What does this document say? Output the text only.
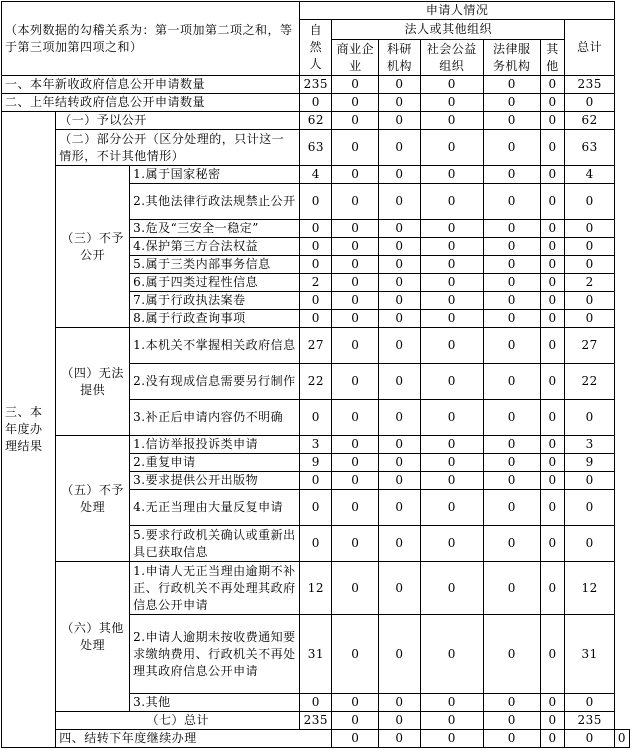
（本列数据的勾稽关系为：第一项加第二项之和，等于第三项加第四项之和）			申请人情况							
			自然人	法人或其他组织					总计	
				商业企业	科研机构	社会公益组织	法律服务机构	其他		
一、本年新收政府信息公开申请数量			235	0	0	0	0	0	235	
二、上年结转政府信息公开申请数量			0	0	0	0	0	0	0	
三、本年度办理结果	（一）予以公开		62	0	0	0	0	0	62	
	（二）部分公开（区分处理的，只计这一情形，不计其他情形）		63	0	0	0	0	0	63	
	（三）不予公开	1.属于国家秘密	4	0	0	0	0	0	4	
		2.其他法律行政法规禁止公开	0	0	0	0	0	0	0	
		3.危及“三安全一稳定”	0	0	0	0	0	0	0	
		4.保护第三方合法权益	0	0	0	0	0	0	0	
		5.属于三类内部事务信息	0	0	0	0	0	0	0	
		6.属于四类过程性信息	2	0	0	0	0	0	2	
		7.属于行政执法案卷	0	0	0	0	0	0	0	
		8.属于行政查询事项	0	0	0	0	0	0	0	
	（四）无法提供	1.本机关不掌握相关政府信息	27	0	0	0	0	0	27	
		2.没有现成信息需要另行制作	22	0	0	0	0	0	22	
		3.补正后申请内容仍不明确	0	0	0	0	0	0	0	
	（五）不予处理	1.信访举报投诉类申请	3	0	0	0	0	0	3	
		2.重复申请	9	0	0	0	0	0	9	
		3.要求提供公开出版物	0	0	0	0	0	0	0	
		4.无正当理由大量反复申请	0	0	0	0	0	0	0	
		5.要求行政机关确认或重新出具已获取信息	0	0	0	0	0	0	0	
	（六）其他处理	1.申请人无正当理由逾期不补正、行政机关不再处理其政府信息公开申请	12	0	0	0	0	0	12	
		2.申请人逾期未按收费通知要求缴纳费用、行政机关不再处理其政府信息公开申请	31	0	0	0	0	0	31	
		3.其他	0	0	0	0	0	0	0	
	（七）总计		235	0	0	0	0	0	235	
	四、结转下年度继续办理			0	0	0	0	0	0	0
